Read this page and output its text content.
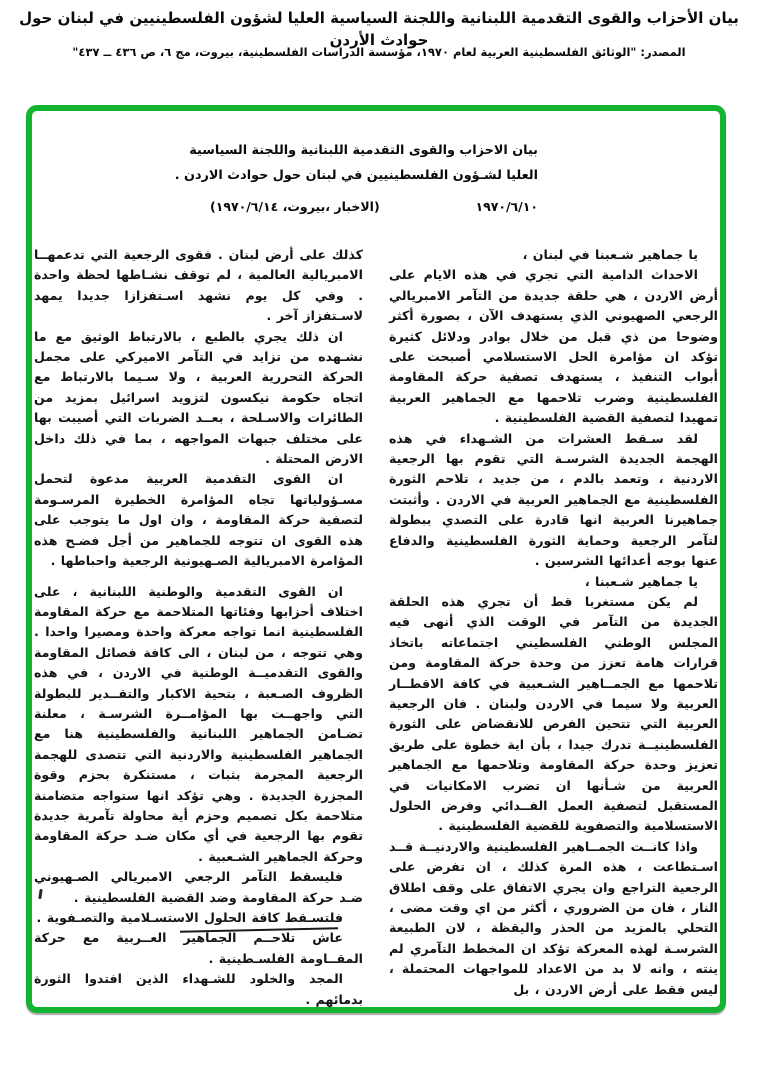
بيان الأحزاب والقوى التقدمية اللبنانية واللجنة السياسية العليا لشؤون الفلسطينيين في لبنان حول حوادث الأردن
المصدر: "الوثائق الفلسطينية العربية لعام ١٩٧٠، مؤسسة الدراسات الفلسطينية، بيروت، مج ٦، ص ٤٣٦ ــ ٤٣٧"
بيان الاحزاب والقوى التقدمية اللبنانية واللجنة السياسية
العليا لشـؤون الفلسطينيين في لبنان حول حوادث الاردن .
١٩٧٠/٦/١٠
(الاخبار ،بيروت، ١٩٧٠/٦/١٤)

يا جماهير شـعبنا في لبنان ،

الاحداث الدامية التي تجري في هذه الايام على أرض الاردن ، هي حلقة جديدة من التآمر الامبريالي الرجعي الصهيوني الذي يستهدف الآن ، بصورة أكثر وضوحا من ذي قبل من خلال بوادر ودلائل كثيرة تؤكد ان مؤامرة الحل الاستسلامي أصبحت على أبواب التنفيذ ، يستهدف تصفية حركة المقاومة الفلسطينية وضرب تلاحمها مع الجماهير العربية تمهيدا لتصفية القضية الفلسطينية .

لقد سـقط العشرات من الشـهداء في هذه الهجمة الجديدة الشرسـة التي تقوم بها الرجعية الاردنية ، وتعمد بالدم ، من جديد ، تلاحم الثورة الفلسطينية مع الجماهير العربية في الاردن . وأثبتت جماهيرنا العربية انها قادرة على التصدي ببطولة لتآمر الرجعية وحماية الثورة الفلسطينية والدفاع عنها بوجه أعدائها الشرسين .

يا جماهير شـعبنا ،

لم يكن مستغربا قط أن تجري هذه الحلقة الجديدة من التآمر في الوقت الذي أنهى فيه المجلس الوطني الفلسطيني اجتماعاته باتخاذ قرارات هامة تعزز من وحدة حركة المقاومة ومن تلاحمها مع الجمــاهير الشـعبية في كافة الاقطــار العربية ولا سيما في الاردن ولبنان . فان الرجعية العربية التي تتحين الفرص للانقضاض على الثورة الفلسطينيــة تدرك جيدا ، بأن اية خطوة على طريق تعزيز وحدة حركة المقاومة وتلاحمها مع الجماهير العربية من شـأنها ان تضرب الامكانيات في المستقبل لتصفية العمل الفــدائي وفرض الحلول الاستسلامية والتصفوية للقضية الفلسطينية .

واذا كانــت الجمــاهير الفلسطينية والاردنيــة قــد اسـتطاعت ، هذه المرة كذلك ، ان تفرض على الرجعية التراجع وان يجري الاتفاق على وقف اطلاق النار ، فان من الضروري ، أكثر من اي وقت مضى ، التحلي بالمزيد من الحذر واليقظة ، لان الطبيعة الشرسـة لهذه المعركة تؤكد ان المخطط التآمري لم ينته ، وانه لا بد من الاعداد للمواجهات المحتملة ، ليس فقط على أرض الاردن ، بل

كذلك على أرض لبنان . فقوى الرجعية التي تدعمهــا الامبريالية العالمية ، لم توقف نشـاطها لحظة واحدة . وفي كل يوم نشهد اسـتفزازا جديدا يمهد لاسـتفزاز آخر .

ان ذلك يجري بالطبع ، بالارتباط الوثيق مع ما نشـهده من تزايد في التآمر الاميركي على مجمل الحركة التحررية العربية ، ولا سـيما بالارتباط مع اتجاه حكومة نيكسون لتزويد اسرائيل بمزيد من الطائرات والاسـلحة ، بعــد الضربات التي أصيبت بها على مختلف جبهات المواجهه ، بما في ذلك داخل الارض المحتلة .

ان القوى التقدمية العربية مدعوة لتحمل مسـؤولياتها تجاه المؤامرة الخطيرة المرسـومة لتصفية حركة المقاومة ، وان اول ما يتوجب على هذه القوى ان تتوجه للجماهير من أجل فضـح هذه المؤامرة الامبريالية الصـهيونية الرجعية واحباطها .

ان القوى التقدمية والوطنية اللبنانية ، على اختلاف أحزابها وفئاتها المتلاحمة مع حركة المقاومة الفلسطينية انما تواجه معركة واحدة ومصيرا واحدا . وهي تتوجه ، من لبنان ، الى كافة فصائل المقاومة والقوى التقدميــة الوطنية في الاردن ، في هذه الظروف الصـعبة ، بتحية الاكبار والتقــدير للبطولة التي واجهــت بها المؤامــرة الشرسـة ، معلنة تضـامن الجماهير اللبنانية والفلسطينية هنا مع الجماهير الفلسطينية والاردنية التي تتصدى للهجمة الرجعية المجرمة بثبات ، مستنكرة بحزم وقوة المجزرة الجديدة . وهي تؤكد انها ستواجه متضامنة متلاحمة بكل تصميم وحزم أية محاولة تآمرية جديدة تقوم بها الرجعية في أي مكان ضـد حركة المقاومة وحركة الجماهير الشـعبية .

فليسقط التآمر الرجعي الامبريالي الصـهيوني ضـد حركة المقاومة وضد القضية الفلسطينية .

فلتسـقط كافة الحلول الاستسـلامية والتصـفوية .

عاش تلاحــم الجماهير العــربية مع حركة المقــاومة الفلسـطينية .

المجد والخلود للشـهداء الذين افتدوا الثورة بدمائهم .
